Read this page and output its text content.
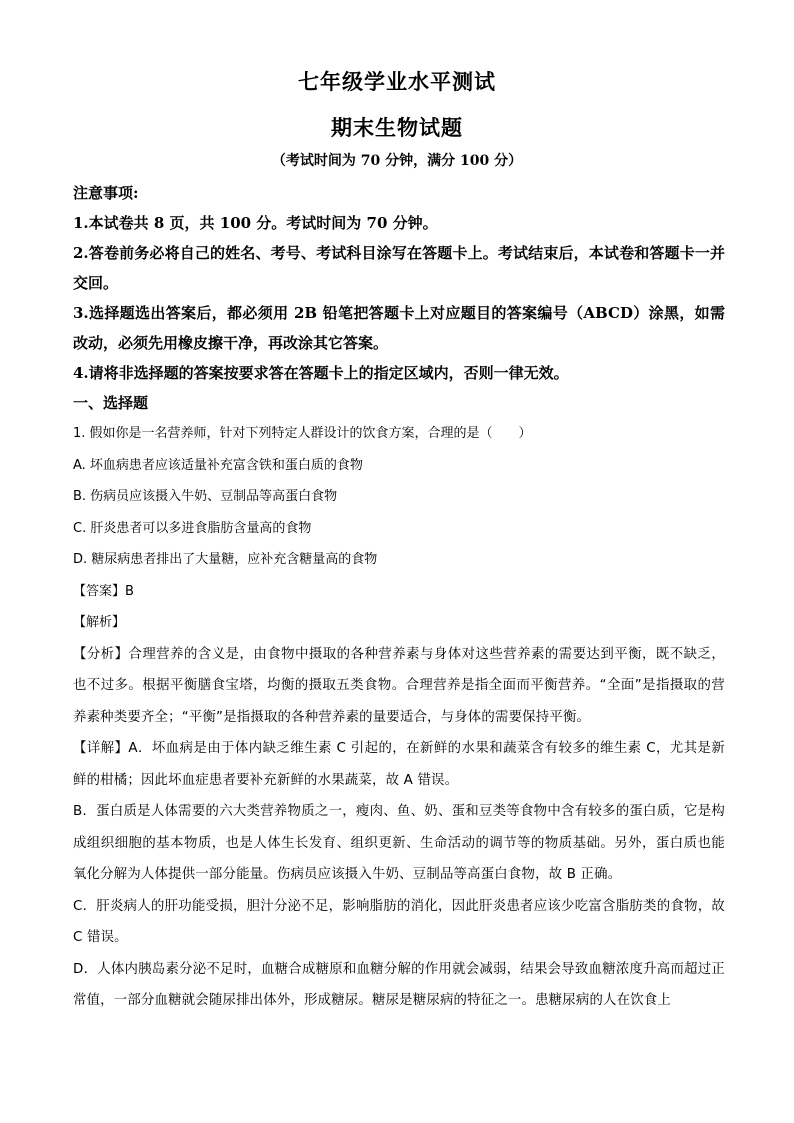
七年级学业水平测试
期末生物试题
（考试时间为 70 分钟，满分 100 分）
注意事项:
1.本试卷共 8 页，共 100 分。考试时间为 70 分钟。
2.答卷前务必将自己的姓名、考号、考试科目涂写在答题卡上。考试结束后，本试卷和答题卡一并交回。
3.选择题选出答案后，都必须用 2B 铅笔把答题卡上对应题目的答案编号（ABCD）涂黑，如需改动，必须先用橡皮擦干净，再改涂其它答案。
4.请将非选择题的答案按要求答在答题卡上的指定区域内，否则一律无效。
一、选择题
1. 假如你是一名营养师，针对下列特定人群设计的饮食方案，合理的是（　　）
A. 坏血病患者应该适量补充富含铁和蛋白质的食物
B. 伤病员应该摄入牛奶、豆制品等高蛋白食物
C. 肝炎患者可以多进食脂肪含量高的食物
D. 糖尿病患者排出了大量糖，应补充含糖量高的食物
【答案】B
【解析】
【分析】合理营养的含义是，由食物中摄取的各种营养素与身体对这些营养素的需要达到平衡，既不缺乏，也不过多。根据平衡膳食宝塔，均衡的摄取五类食物。合理营养是指全面而平衡营养。“全面”是指摄取的营养素种类要齐全；“平衡”是指摄取的各种营养素的量要适合，与身体的需要保持平衡。
【详解】A．坏血病是由于体内缺乏维生素 C 引起的，在新鲜的水果和蔬菜含有较多的维生素 C，尤其是新鲜的柑橘；因此坏血症患者要补充新鲜的水果蔬菜，故 A 错误。
B．蛋白质是人体需要的六大类营养物质之一，瘦肉、鱼、奶、蛋和豆类等食物中含有较多的蛋白质，它是构成组织细胞的基本物质，也是人体生长发育、组织更新、生命活动的调节等的物质基础。另外，蛋白质也能氧化分解为人体提供一部分能量。伤病员应该摄入牛奶、豆制品等高蛋白食物，故 B 正确。
C．肝炎病人的肝功能受损，胆汁分泌不足，影响脂肪的消化，因此肝炎患者应该少吃富含脂肪类的食物，故 C 错误。
D．人体内胰岛素分泌不足时，血糖合成糖原和血糖分解的作用就会减弱，结果会导致血糖浓度升高而超过正常值，一部分血糖就会随尿排出体外，形成糖尿。糖尿是糖尿病的特征之一。患糖尿病的人在饮食上
